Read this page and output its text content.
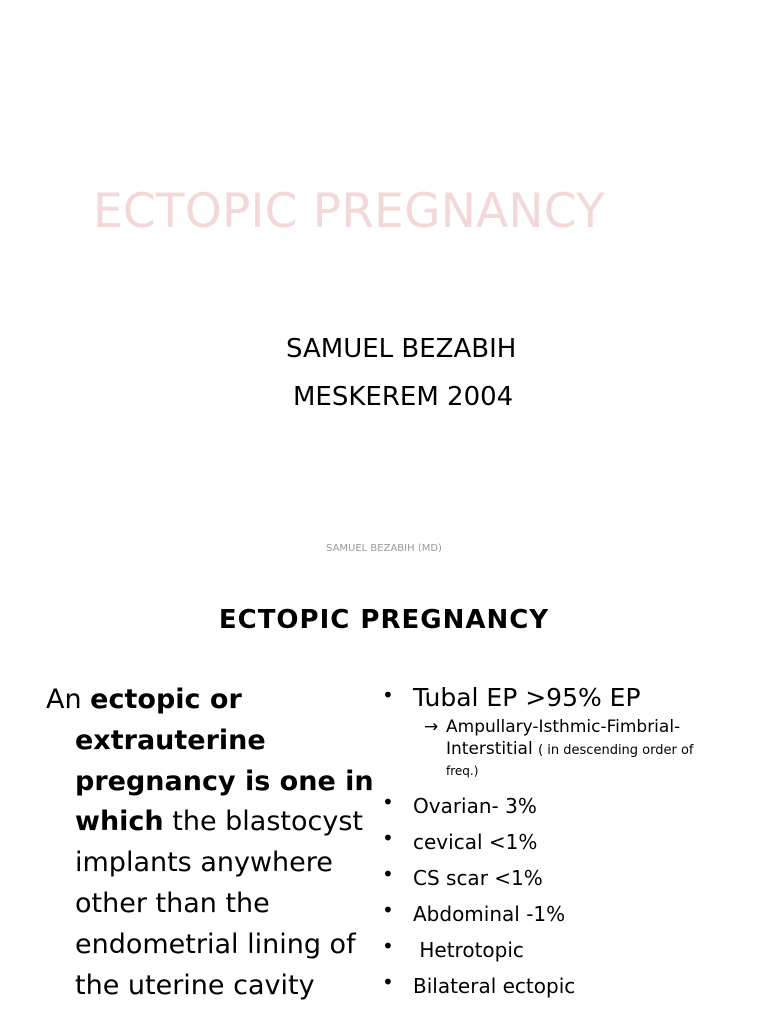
ECTOPIC PREGNANCY
SAMUEL BEZABIH
MESKEREM 2004
SAMUEL BEZABIH (MD)
ECTOPIC PREGNANCY
An ectopic or
extrauterine
pregnancy is one in
which the blastocyst
implants anywhere
other than the
endometrial lining of
the uterine cavity
• Tubal EP >95% EP
→ Ampullary-Isthmic-Fimbrial-
Interstitial ( in descending order of
freq.)
• Ovarian- 3%
• cevical <1%
• CS scar <1%
• Abdominal -1%
• Hetrotopic
• Bilateral ectopic
